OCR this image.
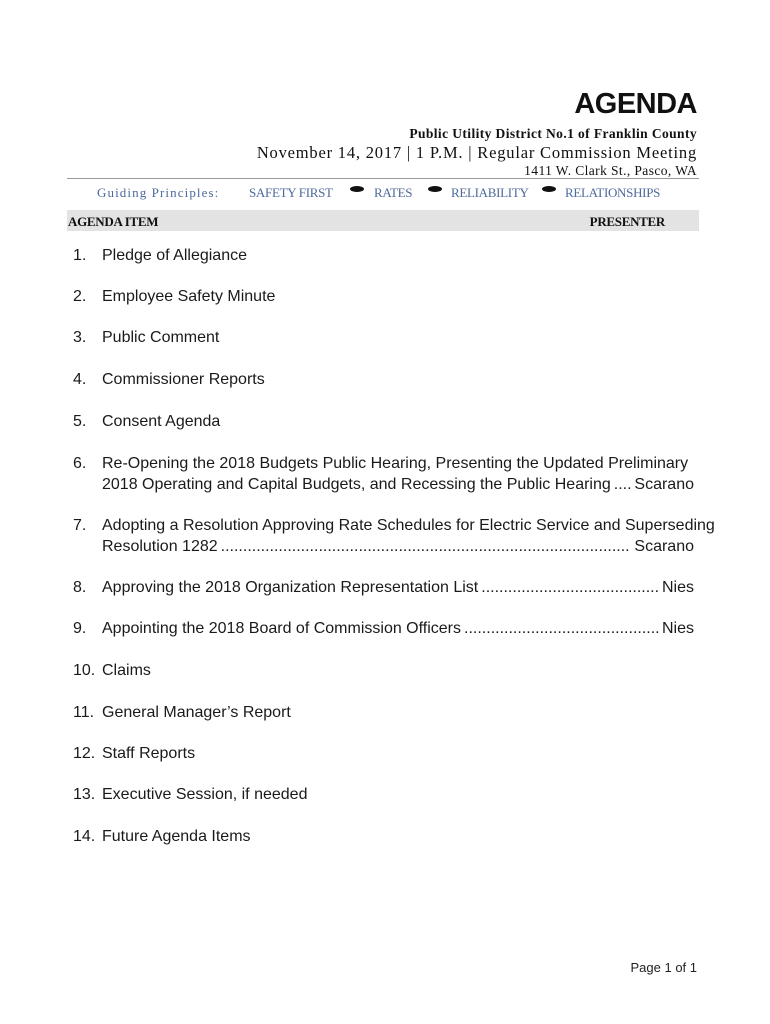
AGENDA
Public Utility District No.1 of Franklin County
November 14, 2017 | 1 P.M. | Regular Commission Meeting
1411 W. Clark St., Pasco, WA
Guiding Principles: SAFETY FIRST	RATES	RELIABILITY	RELATIONSHIPS
AGENDA ITEM	PRESENTER
1. Pledge of Allegiance
2. Employee Safety Minute
3. Public Comment
4. Commissioner Reports
5. Consent Agenda
6. Re-Opening the 2018 Budgets Public Hearing, Presenting the Updated Preliminary
2018 Operating and Capital Budgets, and Recessing the Public Hearing ..... Scarano
7. Adopting a Resolution Approving Rate Schedules for Electric Service and Superseding
Resolution 1282 .....	Scarano
8. Approving the 2018 Organization Representation List .....	Nies
9. Appointing the 2018 Board of Commission Officers .....	Nies
10. Claims
11. General Manager’s Report
12. Staff Reports
13. Executive Session, if needed
14. Future Agenda Items
Page 1 of 1
